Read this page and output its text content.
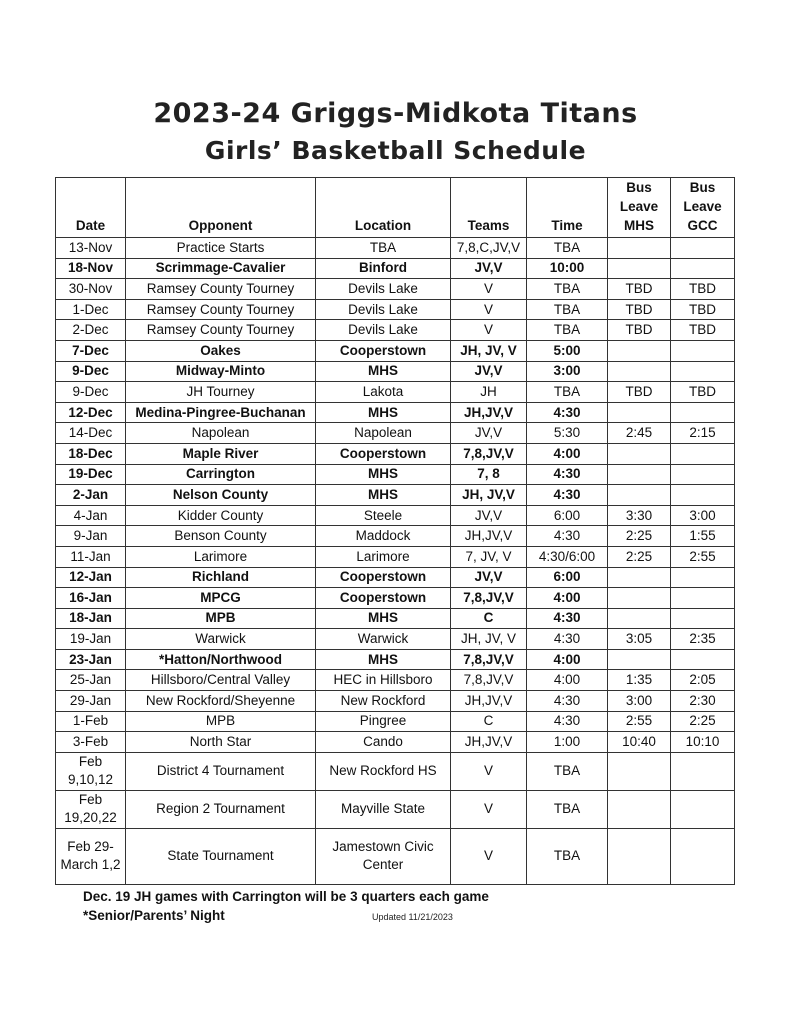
2023-24 Griggs-Midkota Titans
Girls’ Basketball Schedule
Date	Opponent	Location	Teams	Time	Bus Leave MHS	Bus Leave GCC
13-Nov	Practice Starts	TBA	7,8,C,JV,V	TBA		
18-Nov	Scrimmage-Cavalier	Binford	JV,V	10:00		
30-Nov	Ramsey County Tourney	Devils Lake	V	TBA	TBD	TBD
1-Dec	Ramsey County Tourney	Devils Lake	V	TBA	TBD	TBD
2-Dec	Ramsey County Tourney	Devils Lake	V	TBA	TBD	TBD
7-Dec	Oakes	Cooperstown	JH, JV, V	5:00		
9-Dec	Midway-Minto	MHS	JV,V	3:00		
9-Dec	JH Tourney	Lakota	JH	TBA	TBD	TBD
12-Dec	Medina-Pingree-Buchanan	MHS	JH,JV,V	4:30		
14-Dec	Napolean	Napolean	JV,V	5:30	2:45	2:15
18-Dec	Maple River	Cooperstown	7,8,JV,V	4:00		
19-Dec	Carrington	MHS	7, 8	4:30		
2-Jan	Nelson County	MHS	JH, JV,V	4:30		
4-Jan	Kidder County	Steele	JV,V	6:00	3:30	3:00
9-Jan	Benson County	Maddock	JH,JV,V	4:30	2:25	1:55
11-Jan	Larimore	Larimore	7, JV, V	4:30/6:00	2:25	2:55
12-Jan	Richland	Cooperstown	JV,V	6:00		
16-Jan	MPCG	Cooperstown	7,8,JV,V	4:00		
18-Jan	MPB	MHS	C	4:30		
19-Jan	Warwick	Warwick	JH, JV, V	4:30	3:05	2:35
23-Jan	*Hatton/Northwood	MHS	7,8,JV,V	4:00		
25-Jan	Hillsboro/Central Valley	HEC in Hillsboro	7,8,JV,V	4:00	1:35	2:05
29-Jan	New Rockford/Sheyenne	New Rockford	JH,JV,V	4:30	3:00	2:30
1-Feb	MPB	Pingree	C	4:30	2:55	2:25
3-Feb	North Star	Cando	JH,JV,V	1:00	10:40	10:10
Feb 9,10,12	District 4 Tournament	New Rockford HS	V	TBA		
Feb 19,20,22	Region 2 Tournament	Mayville State	V	TBA		
Feb 29-March 1,2	State Tournament	Jamestown Civic Center	V	TBA		
Dec. 19 JH games with Carrington will be 3 quarters each game
*Senior/Parents’ Night	Updated 11/21/2023
